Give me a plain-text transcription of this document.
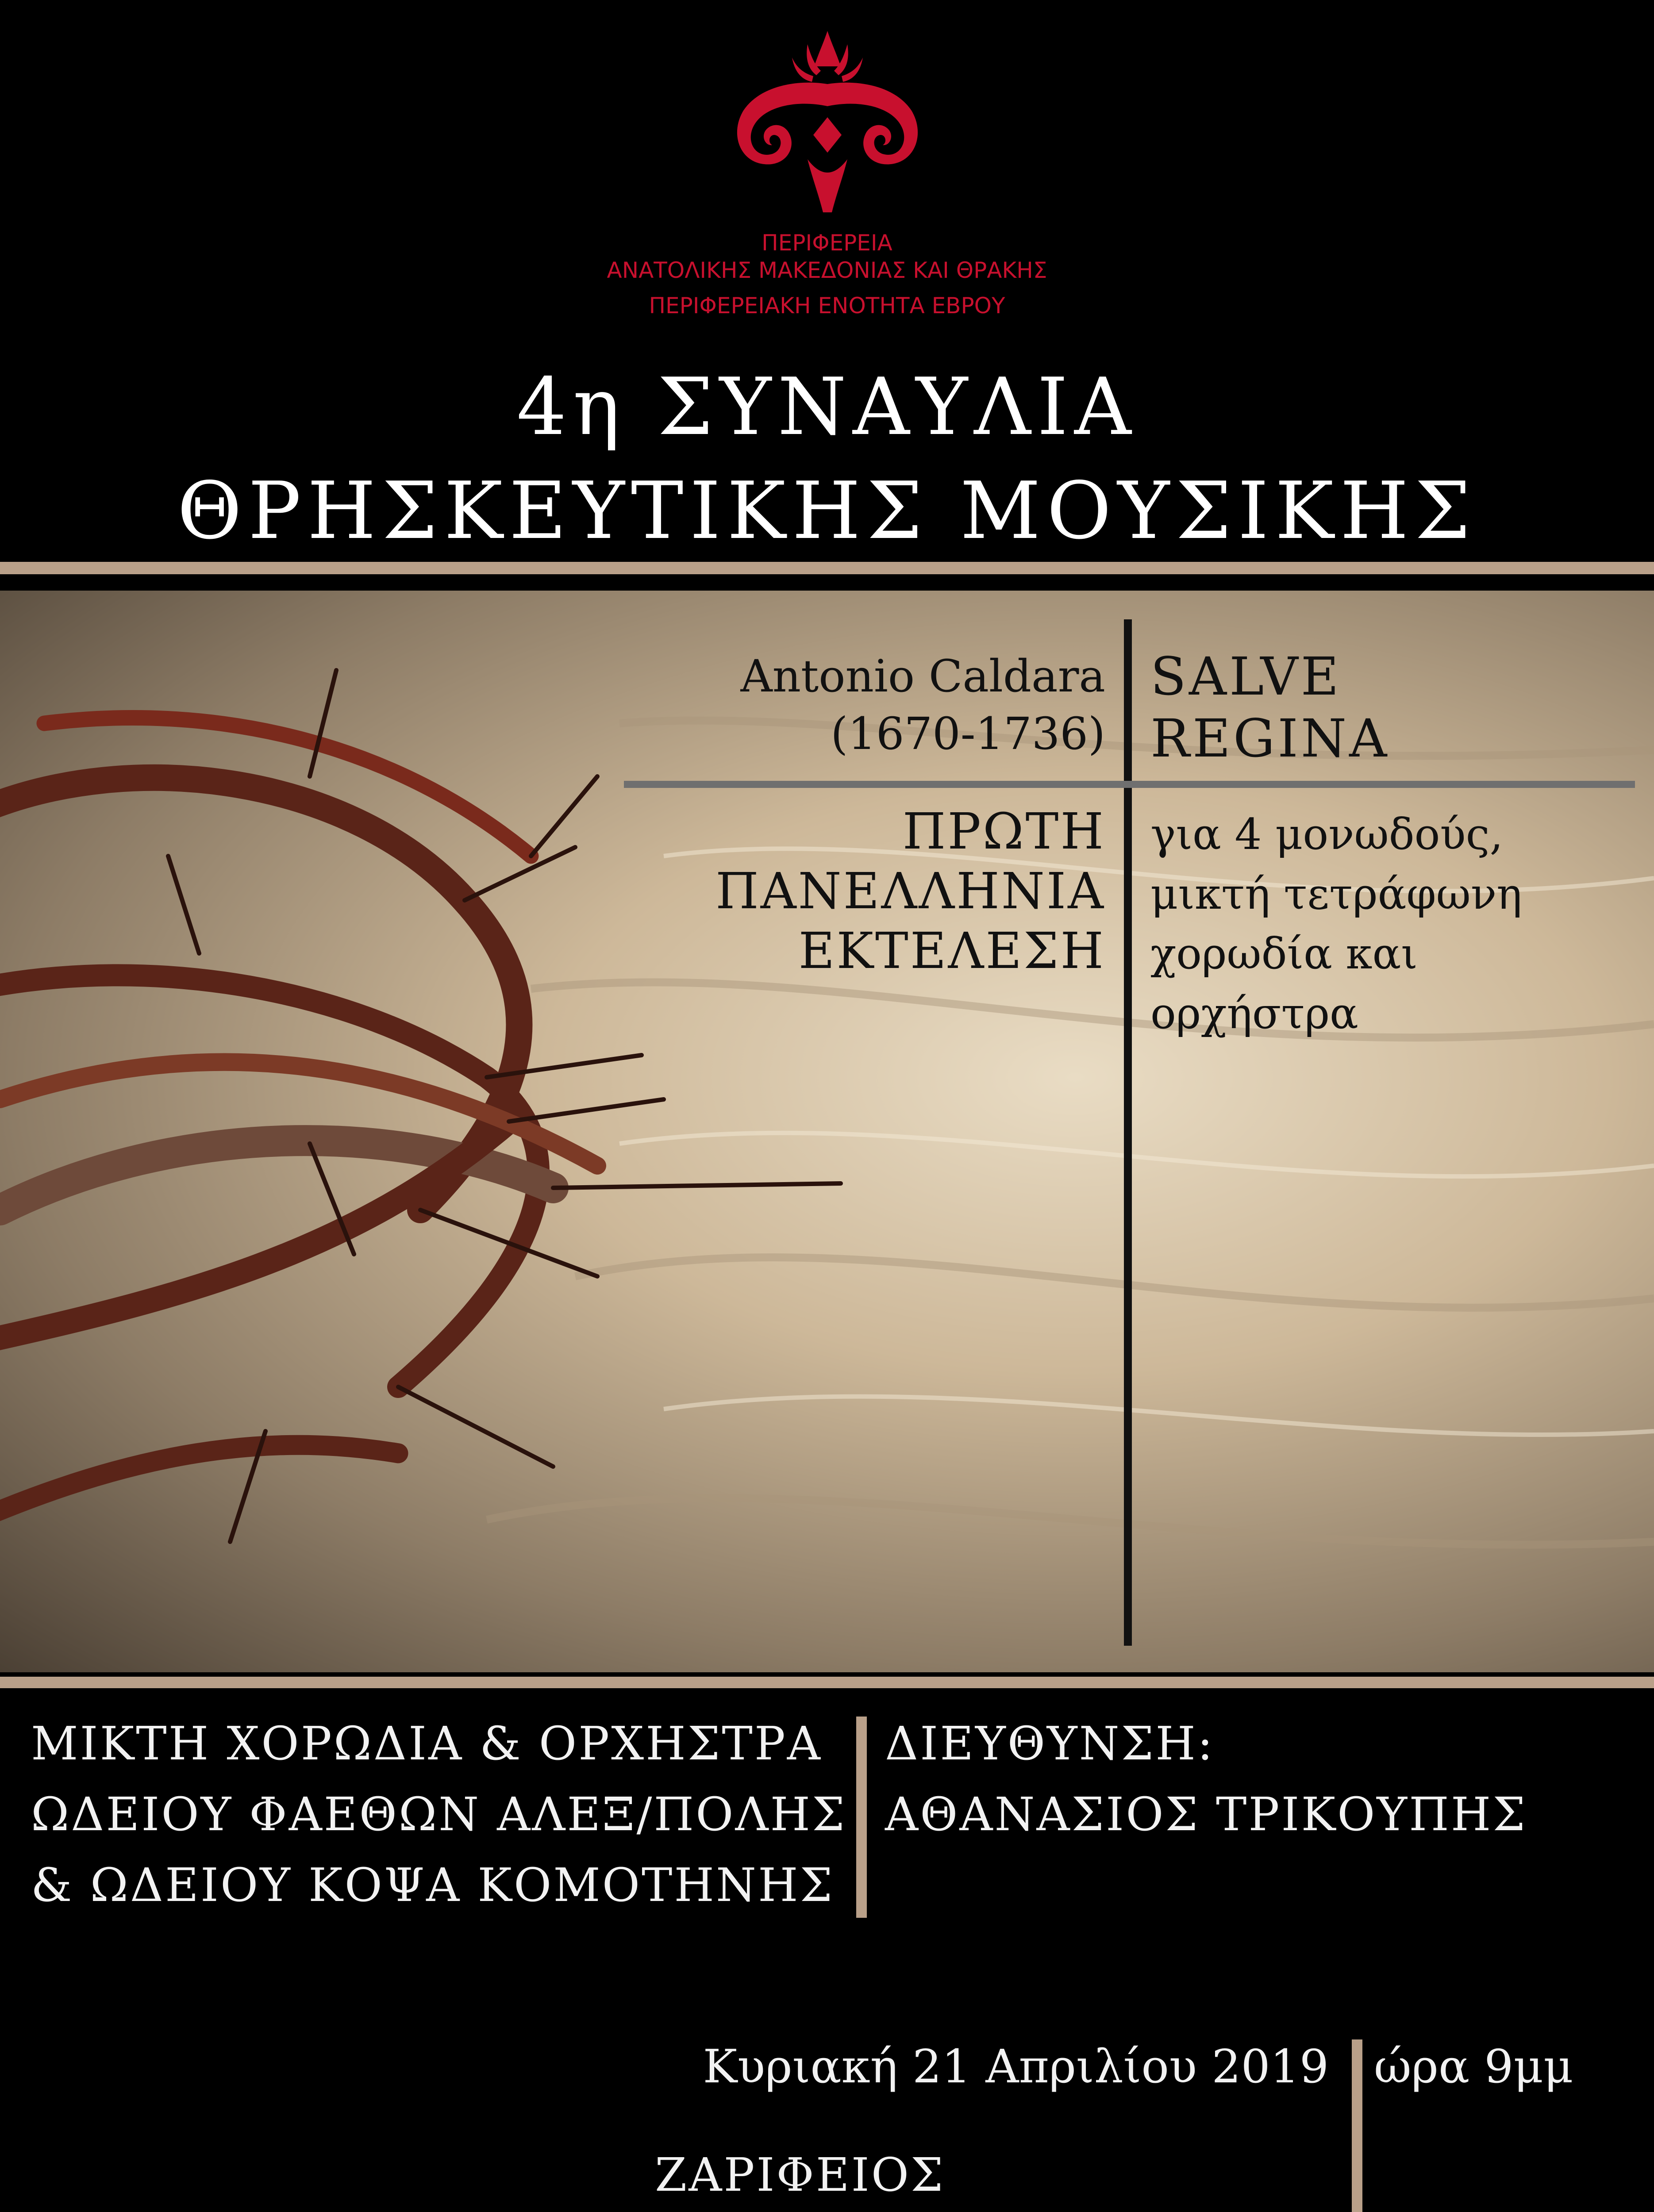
ΠΕΡΙΦΕΡΕΙΑ
ΑΝΑΤΟΛΙΚΗΣ ΜΑΚΕΔΟΝΙΑΣ ΚΑΙ ΘΡΑΚΗΣ
ΠΕΡΙΦΕΡΕΙΑΚΗ ΕΝΟΤΗΤΑ ΕΒΡΟΥ
4η ΣΥΝΑΥΛΙΑ
ΘΡΗΣΚΕΥΤΙΚΗΣ ΜΟΥΣΙΚΗΣ
Antonio Caldara
(1670-1736)
SALVE
REGINA
ΠΡΩΤΗ
ΠΑΝΕΛΛΗΝΙΑ
ΕΚΤΕΛΕΣΗ
για 4 μονωδούς,
μικτή τετράφωνη
χορωδία και
ορχήστρα
ΜΙΚΤΗ ΧΟΡΩΔΙΑ & ΟΡΧΗΣΤΡΑ
ΩΔΕΙΟΥ ΦΑΕΘΩΝ ΑΛΕΞ/ΠΟΛΗΣ
& ΩΔΕΙΟΥ ΚΟΨΑ ΚΟΜΟΤΗΝΗΣ
ΔΙΕΥΘΥΝΣΗ:
ΑΘΑΝΑΣΙΟΣ ΤΡΙΚΟΥΠΗΣ
Κυριακή 21 Απριλίου 2019 ώρα 9μμ
ΖΑΡΙΦΕΙΟΣ
